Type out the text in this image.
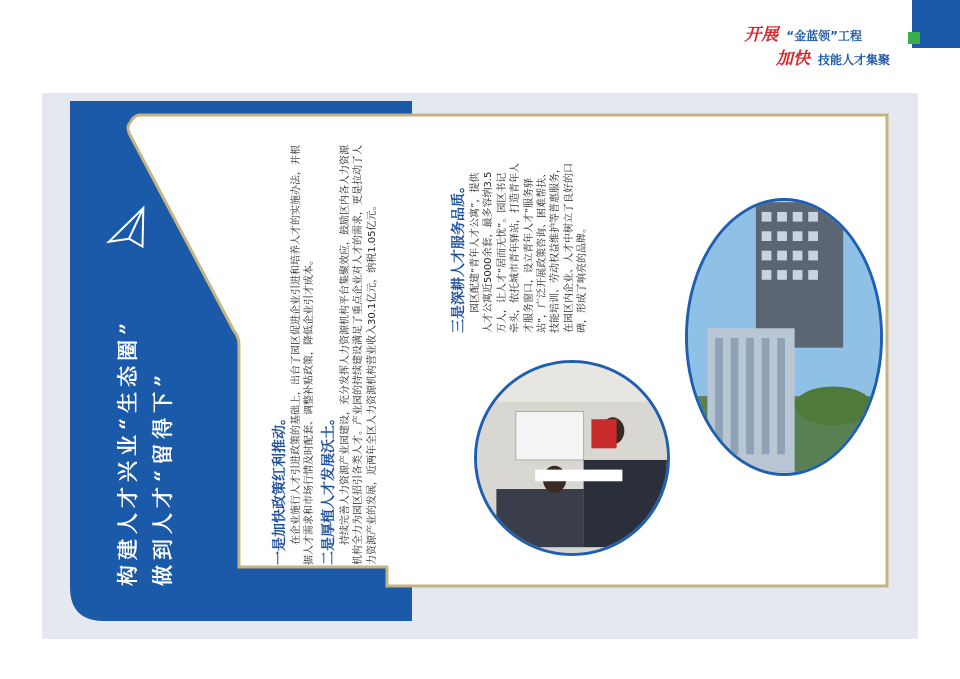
开展 “金蓝领”工程
加快 技能人才集聚
构建人才兴业“生态圈” 做到人才“留得下”	一是加快政策红利推动。 在企业施行人才引进政策的基础上，出台了园区促进企业引进和培养人才的实施办法，并根据人才需求和市场行情及时配套、调整补贴政策，降低企业引才成本。 二是厚植人才发展沃土。 持续完善人力资源产业园建设，充分发挥人力资源机构平台集聚效应，鼓励区内各人力资源机构全力为园区招引各类人才。产业园的持续建设满足了重点企业对人才的需求，更是拉动了人力资源产业的发展，近两年全区人力资源机构营业收入30.1亿元，纳税1.05亿元。	三是深耕人才服务品质。 园区配建“青年人才公寓”，提供人才公寓近5000余套，最多容纳3.5万人，让人才“居而无忧”。园区书记牵头，依托城市青年驿站，打造青年人才服务窗口，设立青年人才“服务驿站”，广泛开展政策咨询、困难帮扶、技能培训、劳动权益维护等普惠服务，在园区内企业、人才中树立了良好的口碑，形成了响亮的品牌。
